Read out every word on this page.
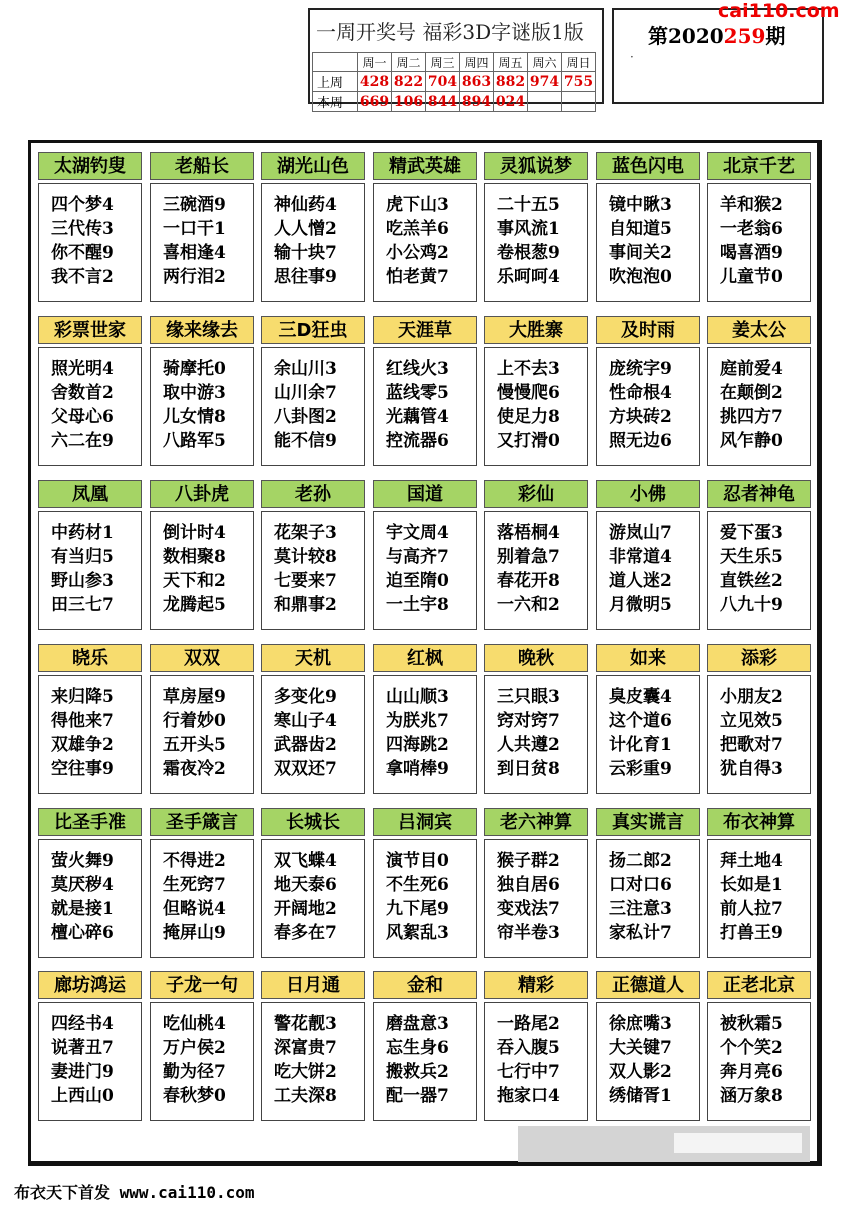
一周开奖号 福彩3D字谜版1版
	周一	周二	周三	周四	周五	周六	周日
上周	428	822	704	863	882	974	755
本周	669	106	844	894	024		
cai110.com
第2020259期
·
太湖钓叟
四个梦4
三代传3
你不醒9
我不言2
老船长
三碗酒9
一口干1
喜相逢4
两行泪2
湖光山色
神仙药4
人人憎2
输十块7
思往事9
精武英雄
虎下山3
吃羔羊6
小公鸡2
怕老黄7
灵狐说梦
二十五5
事风流1
卷根葱9
乐呵呵4
蓝色闪电
镜中瞅3
自知道5
事间关2
吹泡泡0
北京千艺
羊和猴2
一老翁6
喝喜酒9
儿童节0
彩票世家
照光明4
舍数首2
父母心6
六二在9
缘来缘去
骑摩托0
取中游3
儿女情8
八路军5
三D狂虫
余山川3
山川余7
八卦图2
能不信9
天涯草
红线火3
蓝线零5
光藕管4
控流器6
大胜寨
上不去3
慢慢爬6
使足力8
又打滑0
及时雨
庞统字9
性命根4
方块砖2
照无边6
姜太公
庭前爱4
在颠倒2
挑四方7
风乍静0
凤凰
中药材1
有当归5
野山参3
田三七7
八卦虎
倒计时4
数相聚8
天下和2
龙腾起5
老孙
花架子3
莫计较8
七要来7
和鼎事2
国道
宇文周4
与高齐7
迫至隋0
一土宇8
彩仙
落梧桐4
别着急7
春花开8
一六和2
小佛
游岚山7
非常道4
道人迷2
月微明5
忍者神龟
爱下蛋3
天生乐5
直铁丝2
八九十9
晓乐
来归降5
得他来7
双雄争2
空往事9
双双
草房屋9
行着妙0
五开头5
霜夜冷2
天机
多变化9
寒山子4
武器齿2
双双还7
红枫
山山顺3
为朕兆7
四海跳2
拿哨棒9
晚秋
三只眼3
窍对窍7
人共遵2
到日贫8
如来
臭皮囊4
这个道6
计化育1
云彩重9
添彩
小朋友2
立见效5
把歌对7
犹自得3
比圣手准
萤火舞9
莫厌秽4
就是接1
檀心碎6
圣手箴言
不得进2
生死窍7
但略说4
掩屏山9
长城长
双飞蝶4
地天泰6
开阔地2
春多在7
吕洞宾
演节目0
不生死6
九下尾9
风絮乱3
老六神算
猴子群2
独自居6
变戏法7
帘半卷3
真实谎言
扬二郎2
口对口6
三注意3
家私计7
布衣神算
拜土地4
长如是1
前人拉7
打兽王9
廊坊鸿运
四经书4
说著丑7
妻进门9
上西山0
子龙一句
吃仙桃4
万户侯2
勤为径7
春秋梦0
日月通
警花靓3
深富贵7
吃大饼2
工夫深8
金和
磨盘意3
忘生身6
搬救兵2
配一器7
精彩
一路尾2
吞入腹5
七行中7
拖家口4
正德道人
徐庶嘴3
大关键7
双人影2
绣储胥1
正老北京
被秋霜5
个个笑2
奔月亮6
涵万象8
布衣天下首发 www.cai110.com
